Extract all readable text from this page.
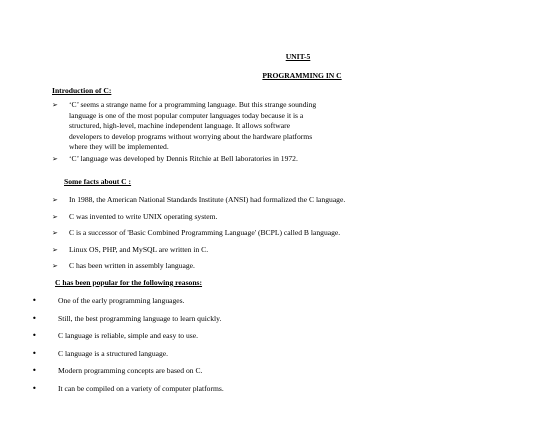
UNIT-5
PROGRAMMING IN C
Introduction of C:
➢ ‘C’ seems a strange name for a programming language. But this strange sounding language is one of the most popular computer languages today because it is a structured, high-level, machine independent language. It allows software developers to develop programs without worrying about the hardware platforms where they will be implemented.
➢ ‘C’ language was developed by Dennis Ritchie at Bell laboratories in 1972.
Some facts about C :
➢ In 1988, the American National Standards Institute (ANSI) had formalized the C language.
➢ C was invented to write UNIX operating system.
➢ C is a successor of 'Basic Combined Programming Language' (BCPL) called B language.
➢ Linux OS, PHP, and MySQL are written in C.
➢ C has been written in assembly language.
C has been popular for the following reasons:
•	One of the early programming languages.
•	Still, the best programming language to learn quickly.
•	C language is reliable, simple and easy to use.
•	C language is a structured language.
•	Modern programming concepts are based on C.
•	It can be compiled on a variety of computer platforms.
